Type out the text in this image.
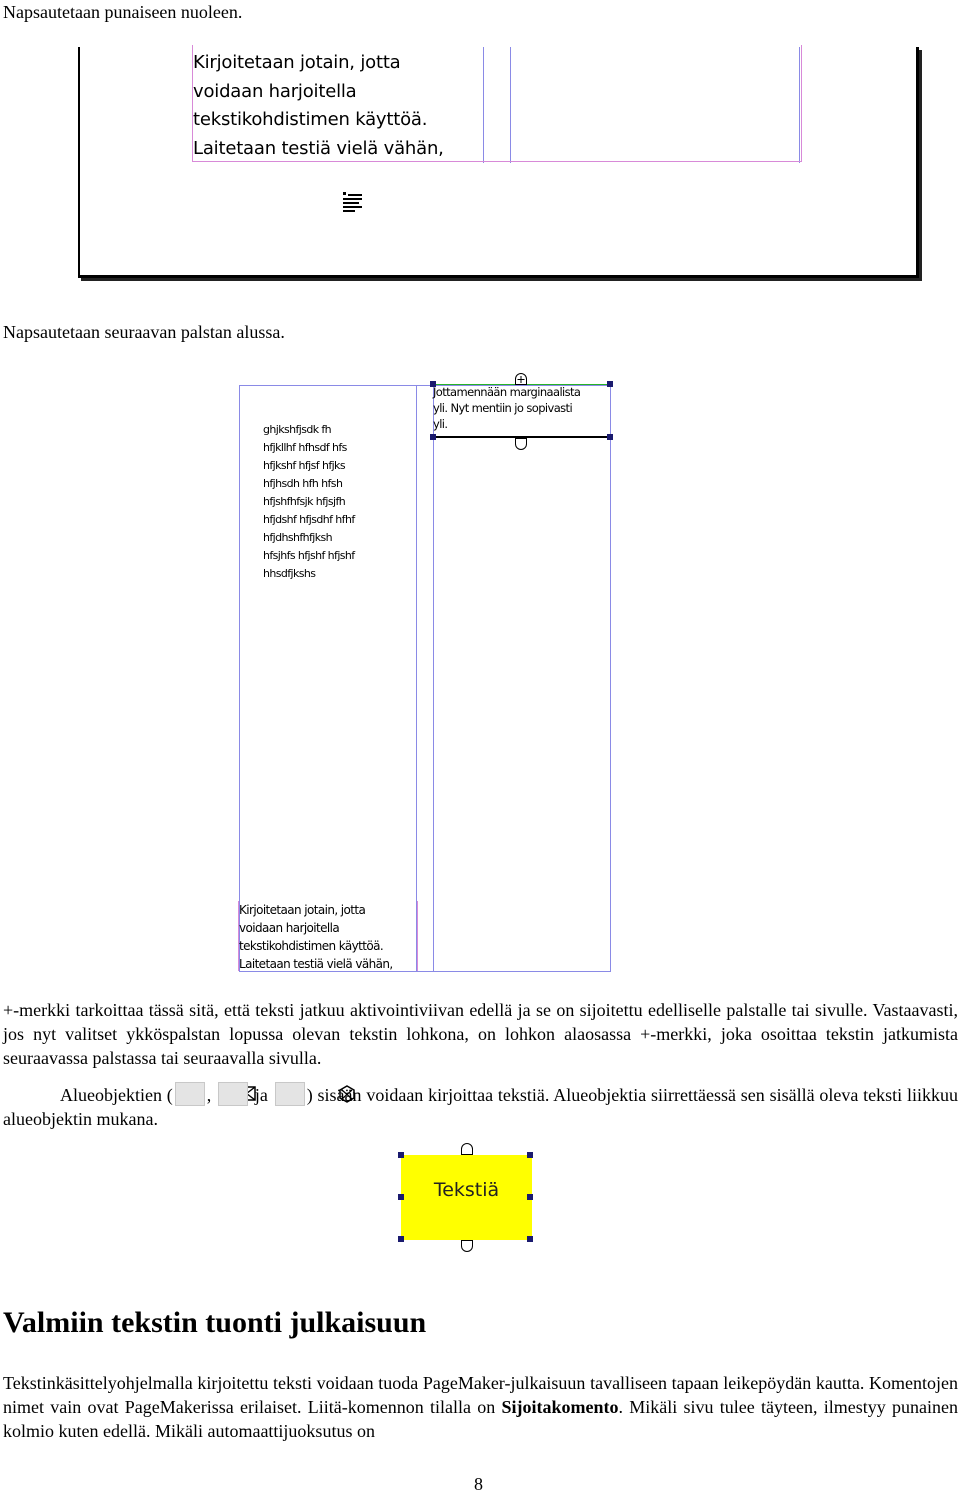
Napsautetaan punaiseen nuoleen.
Kirjoitetaan jotain, jotta
voidaan harjoitella
tekstikohdistimen käyttöä.
Laitetaan testiä vielä vähän,
Napsautetaan seuraavan palstan alussa.
ghjkshfjsdk fh
hfjkllhf hfhsdf hfs
hfjkshf hfjsf hfjks
hfjhsdh hfh hfsh
hfjshfhfsjk hfjsjfh
hfjdshf hfjsdhf hfhf
hfjdhshfhfjksh
hfsjhfs hfjshf hfjshf
hhsdfjkshs
Kirjoitetaan jotain, jotta
voidaan harjoitella
tekstikohdistimen käyttöä.
Laitetaan testiä vielä vähän,
Jottamennään marginaalista
yli. Nyt mentiin jo sopivasti
yli.
+-merkki tarkoittaa tässä sitä, että teksti jatkuu aktivointiviivan edellä ja se on sijoitettu edelliselle palstalle tai sivulle. Vastaavasti, jos nyt valitset ykköspalstan lopussa olevan tekstin lohkona, on lohkon alaosassa +-merkki, joka osoittaa tekstin jatkumista seuraavassa palstassa tai seuraavalla sivulla.
Alueobjektien ( , ja ) sisään voidaan kirjoittaa tekstiä. Alueobjektia siirrettäessä sen sisällä oleva teksti liikkuu alueobjektin mukana.
Tekstiä
Valmiin tekstin tuonti julkaisuun
Tekstinkäsittelyohjelmalla kirjoitettu teksti voidaan tuoda PageMaker-julkaisuun tavalliseen tapaan leikepöydän kautta. Komentojen nimet vain ovat PageMakerissa erilaiset. Liitä-komennon tilalla on Sijoitakomento. Mikäli sivu tulee täyteen, ilmestyy punainen kolmio kuten edellä. Mikäli automaattijuoksutus on
8
